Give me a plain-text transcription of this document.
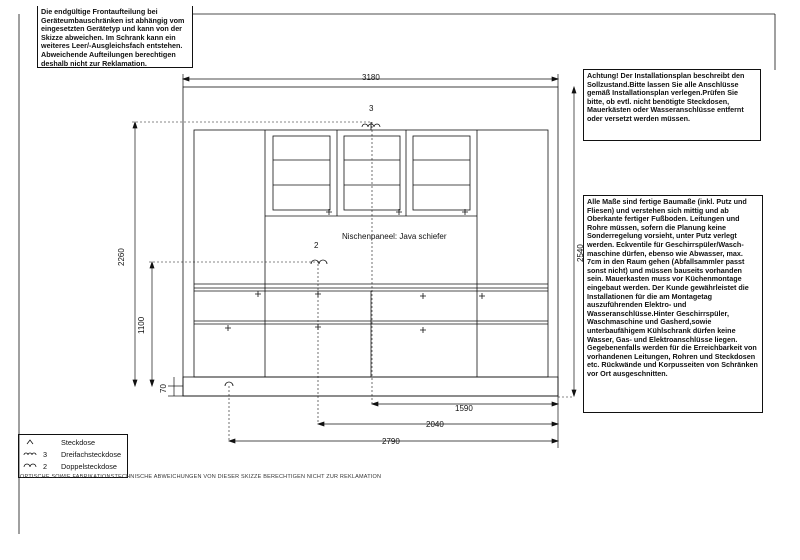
Die endgültige Frontaufteilung bei Geräteumbauschränken ist abhängig vom eingesetzten Gerätetyp und kann von der Skizze abweichen. Im Schrank kann ein weiteres Leer/-Ausgleichsfach entstehen. Abweichende Aufteilungen berechtigen deshalb nicht zur Reklamation.
Achtung! Der Installationsplan beschreibt den Sollzustand.Bitte lassen Sie alle Anschlüsse gemäß Installationsplan verlegen.Prüfen Sie bitte, ob evtl. nicht benötigte Steckdosen, Mauerkästen oder Wasseranschlüsse entfernt oder versetzt werden müssen.
Alle Maße sind fertige Baumaße (inkl. Putz und Fliesen) und verstehen sich mittig und ab Oberkante fertiger Fußboden. Leitungen und Rohre müssen, sofern die Planung keine Sonderregelung vorsieht, unter Putz verlegt werden. Eckventile für Geschirrspüler/Wasch-maschine dürfen, ebenso wie Abwasser, max. 7cm in den Raum gehen (Abfallsammler passt sonst nicht) und müssen bauseits vorhanden sein. Mauerkasten muss vor Küchenmontage eingebaut werden. Der Kunde gewährleistet die Installationen für die am Montagetag auszuführenden Elektro- und Wasseranschlüsse.Hinter Geschirrspüler, Waschmaschine und Gasherd,sowie unterbaufähigem Kühlschrank dürfen keine Wasser, Gas- und Elektroanschlüsse liegen. Gegebenenfalls werden für die Erreichbarkeit von vorhandenen Leitungen, Rohren und Steckdosen etc. Rückwände und Korpusseiten von Schränken vor Ort ausgeschnitten.
3180
2540
2260
1100
70
1590
2040
2790
Nischenpaneel: Java schiefer
3
2
Steckdose
3	Dreifachsteckdose
2	Doppelsteckdose
OPTISCHE SOWIE FABRIKATIONSTECHNISCHE ABWEICHUNGEN VON DIESER SKIZZE BERECHTIGEN NICHT ZUR REKLAMATION
